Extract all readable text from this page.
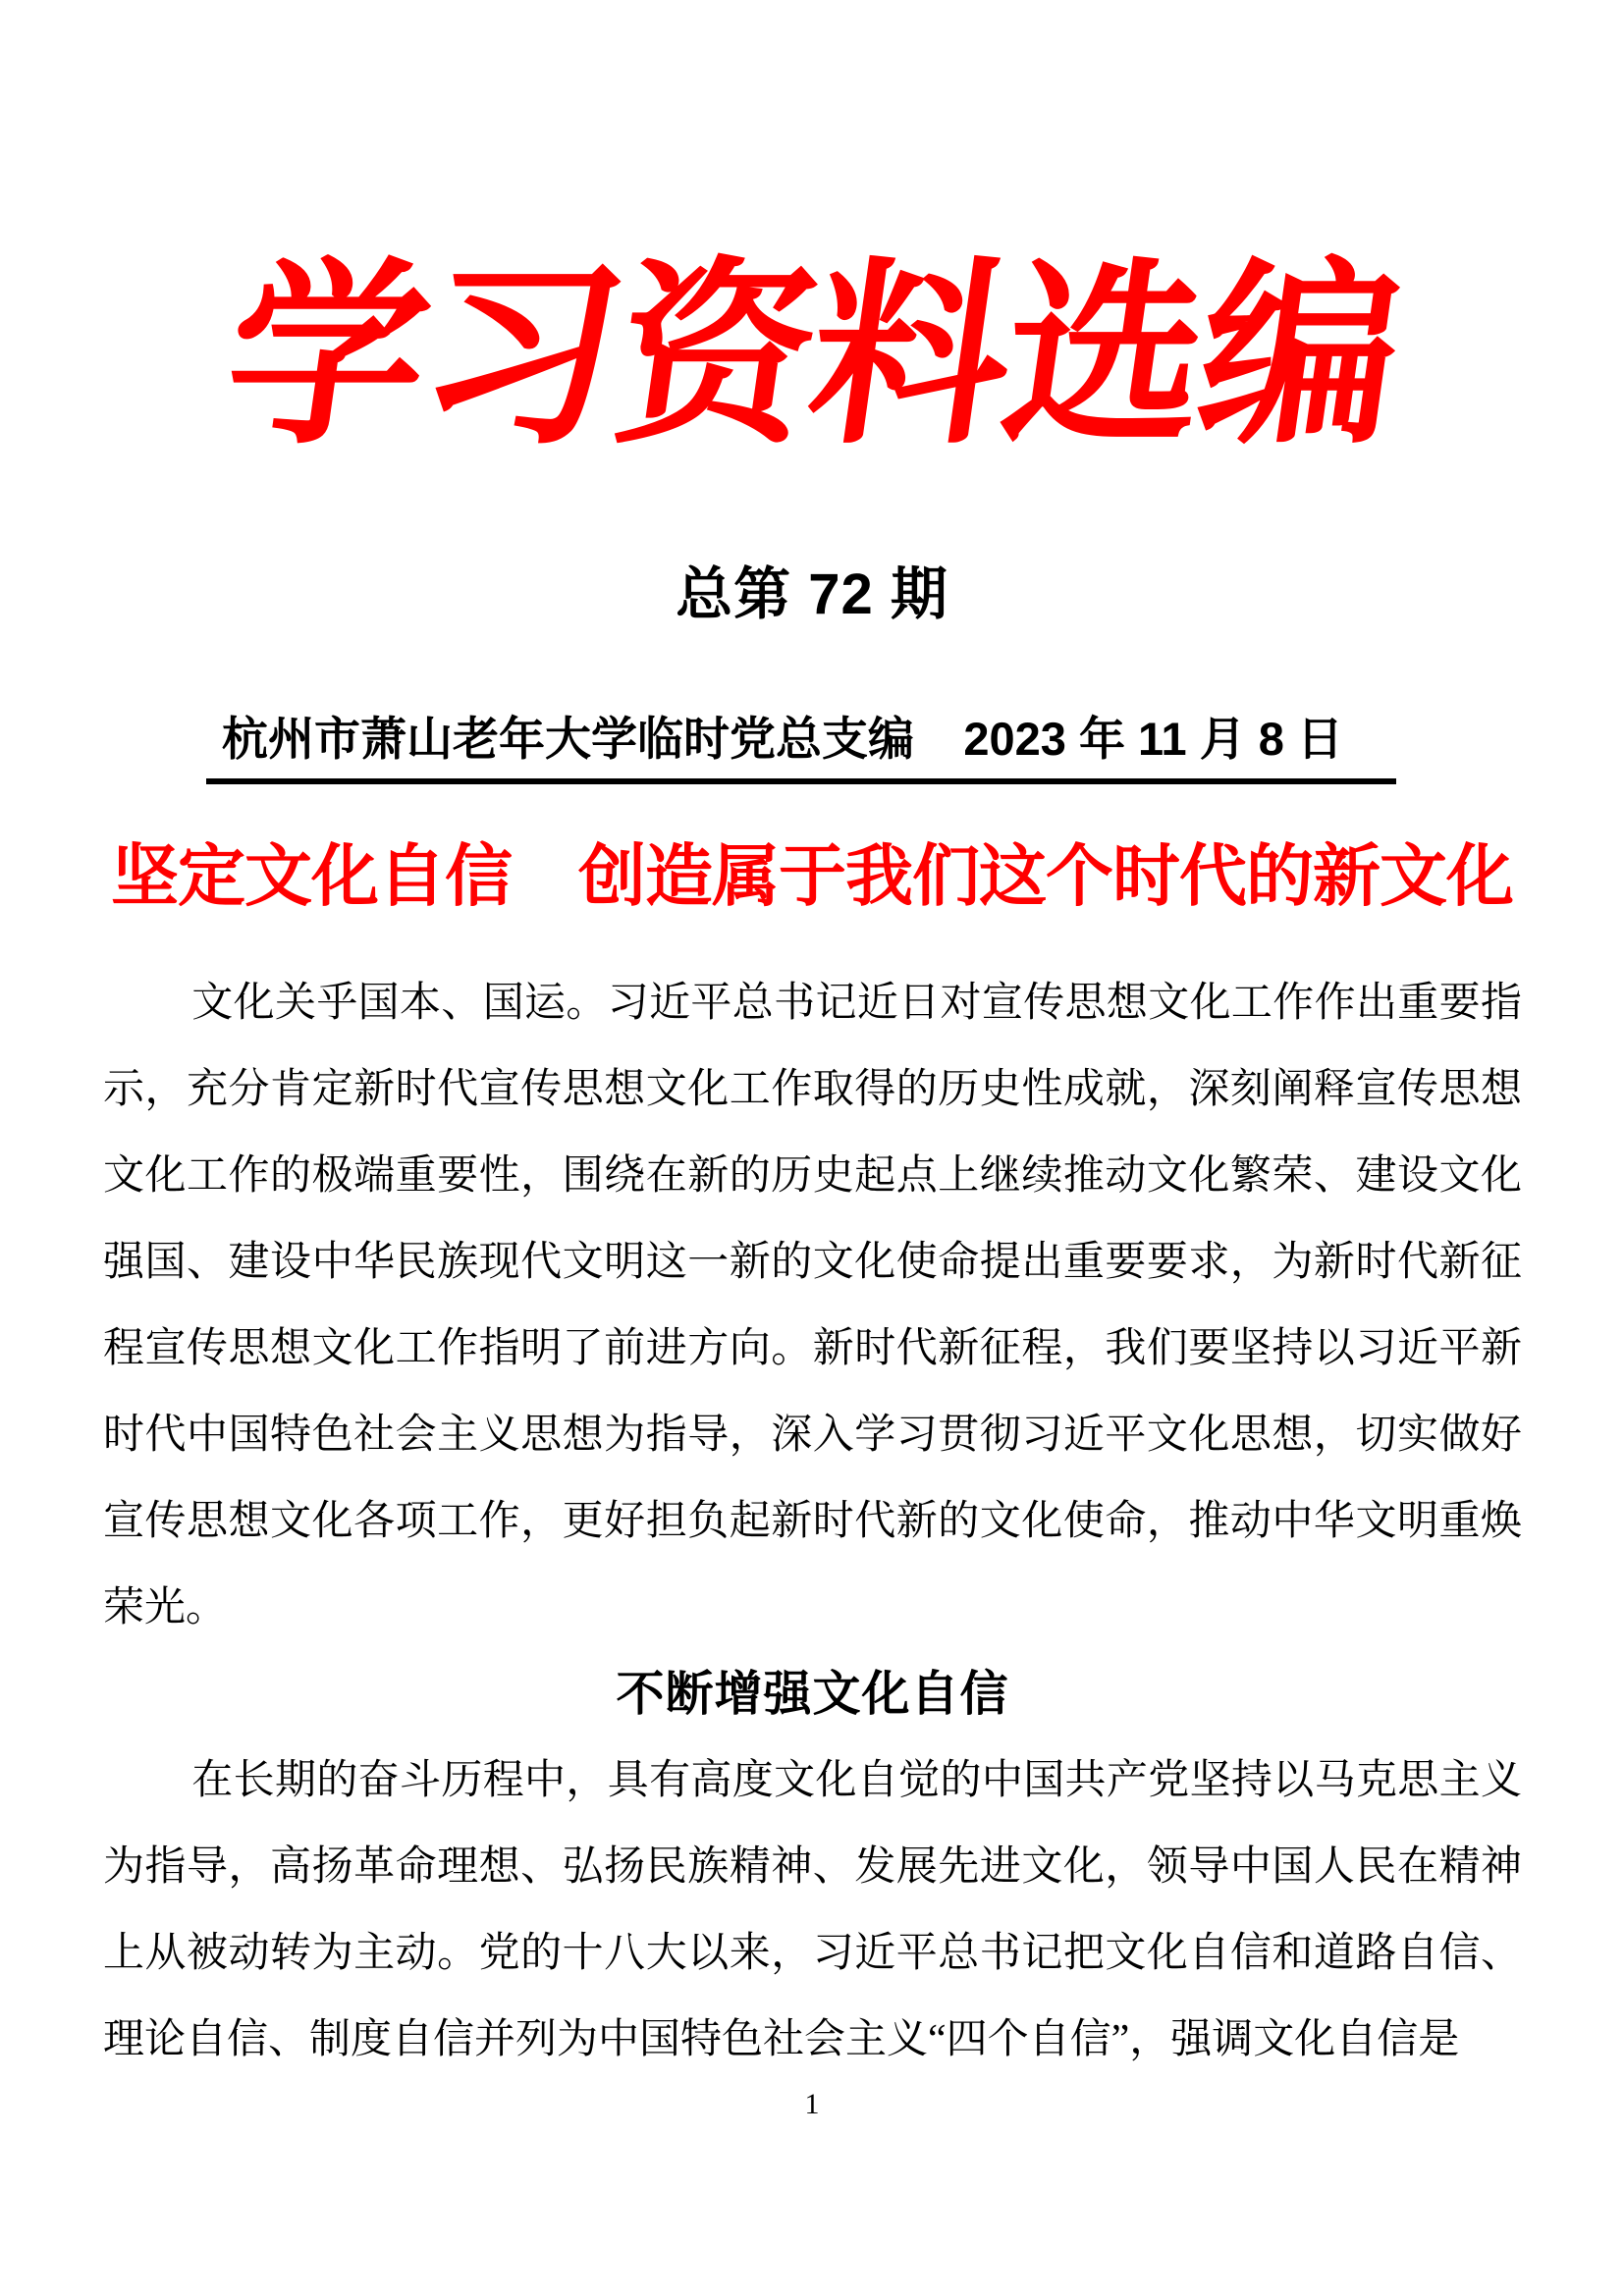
学习资料选编
总第 72 期
杭州市萧山老年大学临时党总支编 2023 年 11 月 8 日
坚定文化自信　创造属于我们这个时代的新文化

文化关乎国本、国运。习近平总书记近日对宣传思想文化工作作出重要指示，充分肯定新时代宣传思想文化工作取得的历史性成就，深刻阐释宣传思想文化工作的极端重要性，围绕在新的历史起点上继续推动文化繁荣、建设文化强国、建设中华民族现代文明这一新的文化使命提出重要要求，为新时代新征程宣传思想文化工作指明了前进方向。新时代新征程，我们要坚持以习近平新时代中国特色社会主义思想为指导，深入学习贯彻习近平文化思想，切实做好宣传思想文化各项工作，更好担负起新时代新的文化使命，推动中华文明重焕荣光。

不断增强文化自信

在长期的奋斗历程中，具有高度文化自觉的中国共产党坚持以马克思主义为指导，高扬革命理想、弘扬民族精神、发展先进文化，领导中国人民在精神上从被动转为主动。党的十八大以来，习近平总书记把文化自信和道路自信、理论自信、制度自信并列为中国特色社会主义“四个自信”，强调文化自信是

1
